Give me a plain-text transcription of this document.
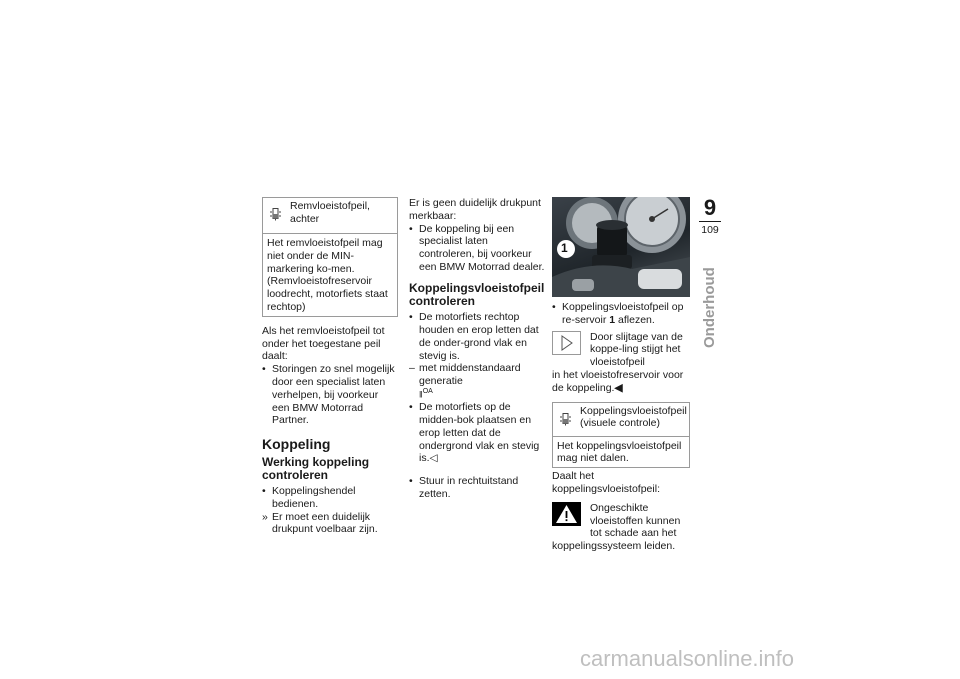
Remvloeistofpeil, achter
Het remvloeistofpeil mag niet onder de MIN-markering ko-men. (Remvloeistofreservoir loodrecht, motorfiets staat rechtop)

Als het remvloeistofpeil tot onder het toegestane peil daalt:

• Storingen zo snel mogelijk door een specialist laten verhelpen, bij voorkeur een BMW Motorrad Partner.
Koppeling
Werking koppeling controleren
• Koppelingshendel bedienen.
» Er moet een duidelijk drukpunt voelbaar zijn.

Er is geen duidelijk drukpunt merkbaar:

• De koppeling bij een specialist laten controleren, bij voorkeur een BMW Motorrad dealer.
Koppelingsvloeistofpeil controleren
• De motorfiets rechtop houden en erop letten dat de onder-grond vlak en stevig is.
– met middenstandaard generatie
‖$^{OA}$
• De motorfiets op de midden-bok plaatsen en erop letten dat de ondergrond vlak en stevig is.◁
• Stuur in rechtuitstand zetten.
1
• Koppelingsvloeistofpeil op re-servoir 1 aflezen.
Door slijtage van de koppe-ling stijgt het vloeistofpeil
in het vloeistofreservoir voor de koppeling.◀
Koppelingsvloeistofpeil (visuele controle)
Het koppelingsvloeistofpeil mag niet dalen.

Daalt het koppelingsvloeistofpeil:

Ongeschikte vloeistoffen kunnen tot schade aan het
koppelingssysteem leiden.
9
109
Onderhoud
carmanualsonline.info
